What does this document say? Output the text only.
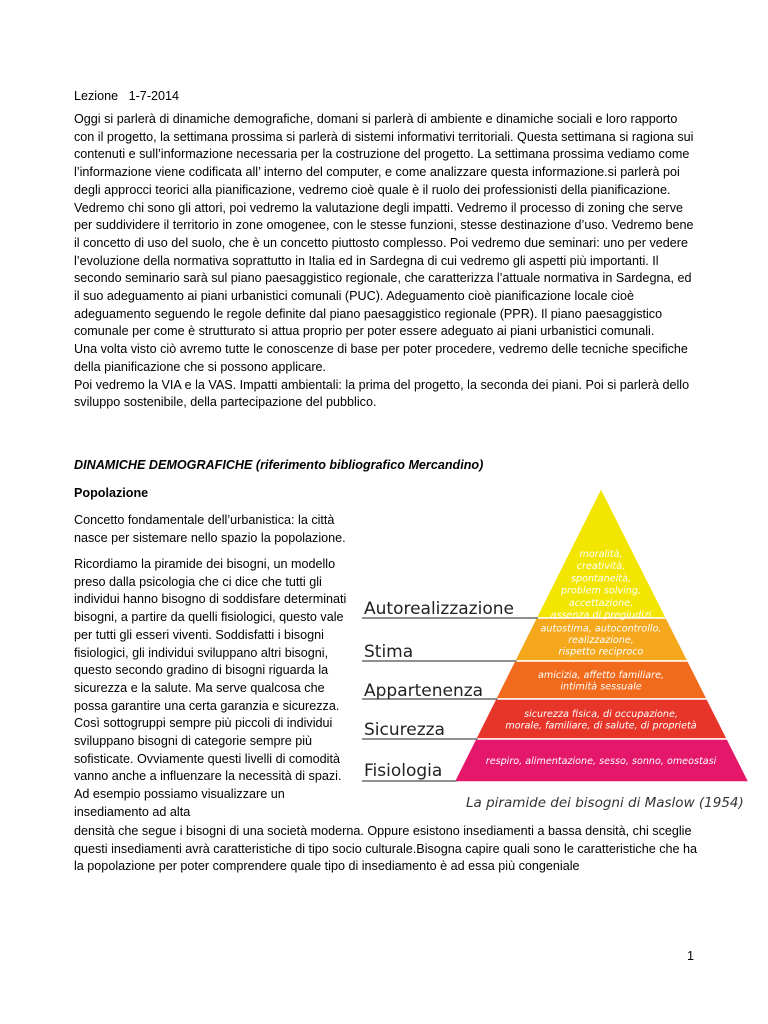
Lezione   1-7-2014

Oggi si parlerà di dinamiche demografiche, domani si parlerà di ambiente e dinamiche sociali e loro rapporto con il progetto, la settimana prossima si parlerà di sistemi informativi territoriali. Questa settimana si ragiona sui contenuti e sull’informazione necessaria per la costruzione del progetto. La settimana prossima vediamo come l’informazione viene codificata all’ interno del computer, e come analizzare questa informazione.si parlerà poi degli approcci teorici alla pianificazione, vedremo cioè quale è il ruolo dei professionisti della pianificazione. Vedremo chi sono gli attori, poi vedremo la valutazione degli impatti. Vedremo il processo di zoning che serve per suddividere il territorio in zone omogenee, con le stesse funzioni, stesse destinazione d’uso. Vedremo bene il concetto di uso del suolo, che è un concetto piuttosto complesso. Poi vedremo due seminari: uno per vedere l’evoluzione della normativa soprattutto in Italia ed in Sardegna di cui vedremo gli aspetti più importanti. Il secondo seminario sarà sul piano paesaggistico regionale, che caratterizza l’attuale normativa in Sardegna, ed il suo adeguamento ai piani urbanistici comunali (PUC). Adeguamento cioè pianificazione locale cioè adeguamento seguendo le regole definite dal piano paesaggistico regionale (PPR). Il piano paesaggistico comunale per come è strutturato si attua proprio per poter essere adeguato ai piani urbanistici comunali.

Una volta visto ciò avremo tutte le conoscenze di base per poter procedere, vedremo delle tecniche specifiche della pianificazione che si possono applicare.

Poi vedremo la VIA e la VAS. Impatti ambientali: la prima del progetto, la seconda dei piani. Poi si parlerà dello sviluppo sostenibile, della partecipazione del pubblico.

DINAMICHE DEMOGRAFICHE (riferimento bibliografico Mercandino)
Popolazione

Concetto fondamentale dell’urbanistica: la città nasce per sistemare nello spazio la popolazione.

Ricordiamo la piramide dei bisogni, un modello preso dalla psicologia che ci dice che tutti gli individui hanno bisogno di soddisfare determinati bisogni, a partire da quelli fisiologici, questo vale per tutti gli esseri viventi. Soddisfatti i bisogni fisiologici, gli individui sviluppano altri bisogni, questo secondo gradino di bisogni riguarda la sicurezza e la salute. Ma serve qualcosa che possa garantire una certa garanzia e sicurezza. Così sottogruppi sempre più piccoli di individui sviluppano bisogni di categorie sempre più sofisticate. Ovviamente questi livelli di comodità vanno anche a influenzare la necessità di spazi. Ad esempio possiamo visualizzare un insediamento ad alta
Autorealizzazione
Stima
Appartenenza
Sicurezza
Fisiologia
moralità,
creatività,
spontaneità,
problem solving,
accettazione,
assenza di pregiudizi
autostima, autocontrollo,
realizzazione,
rispetto reciproco
amicizia, affetto familiare,
intimità sessuale
sicurezza fisica, di occupazione,
morale, familiare, di salute, di proprietà
respiro, alimentazione, sesso, sonno, omeostasi
La piramide dei bisogni di Maslow (1954)
densità che segue i bisogni di una società moderna. Oppure esistono insediamenti a bassa densità, chi sceglie questi insediamenti avrà caratteristiche di tipo socio culturale.Bisogna capire quali sono le caratteristiche che ha la popolazione per poter comprendere quale tipo di insediamento è ad essa più congeniale
1
